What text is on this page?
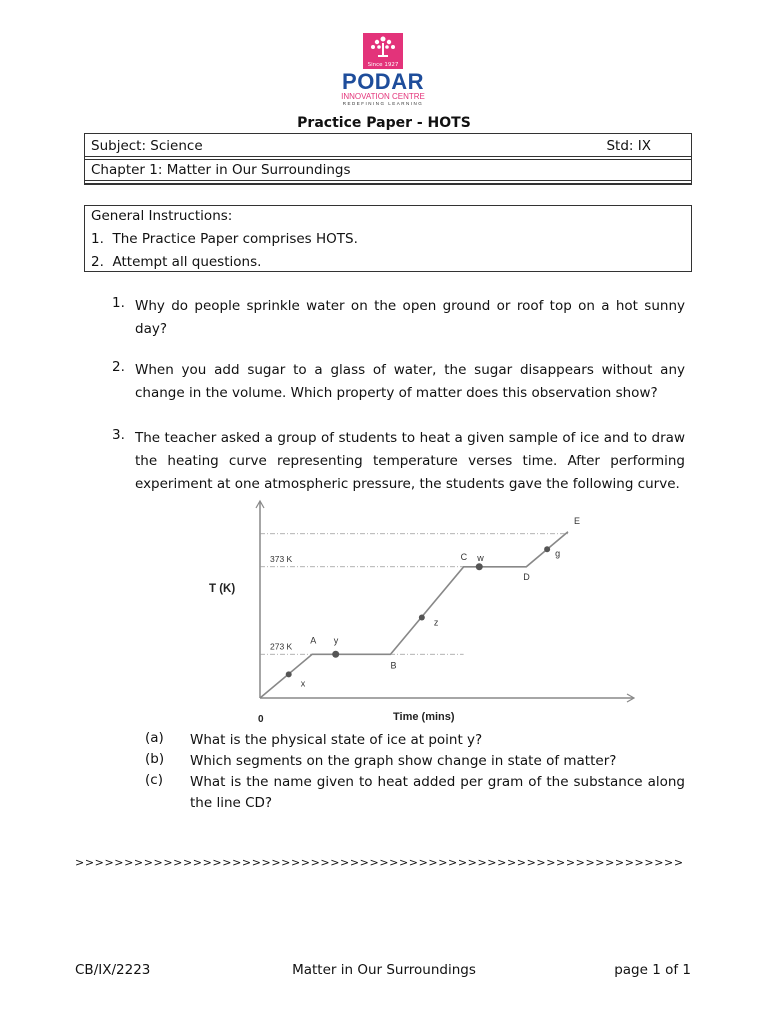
Since 1927
PODAR
INNOVATION CENTRE
REDEFINING LEARNING
Practice Paper - HOTS
Subject: Science	Std: IX
Chapter 1: Matter in Our Surroundings
General Instructions:
1. The Practice Paper comprises HOTS.
2. Attempt all questions.
1. Why do people sprinkle water on the open ground or roof top on a hot sunny day?
2. When you add sugar to a glass of water, the sugar disappears without any change in the volume. Which property of matter does this observation show?
3. The teacher asked a group of students to heat a given sample of ice and to draw the heating curve representing temperature verses time. After performing experiment at one atmospheric pressure, the students gave the following curve.
273 K
373 K
A
B
C
D
E
x
y
z
w	g
T (K)
Time (mins)
0
(a) What is the physical state of ice at point y?
(b) Which segments on the graph show change in state of matter?
(c) What is the name given to heat added per gram of the substance along the line CD?
>>>>>>>>>>>>>>>>>>>>>>>>>>>>>>>>>>>>>>>>>>>>>>>>>>>>>>>>>>>>>>
CB/IX/2223	Matter in Our Surroundings	page 1 of 1
